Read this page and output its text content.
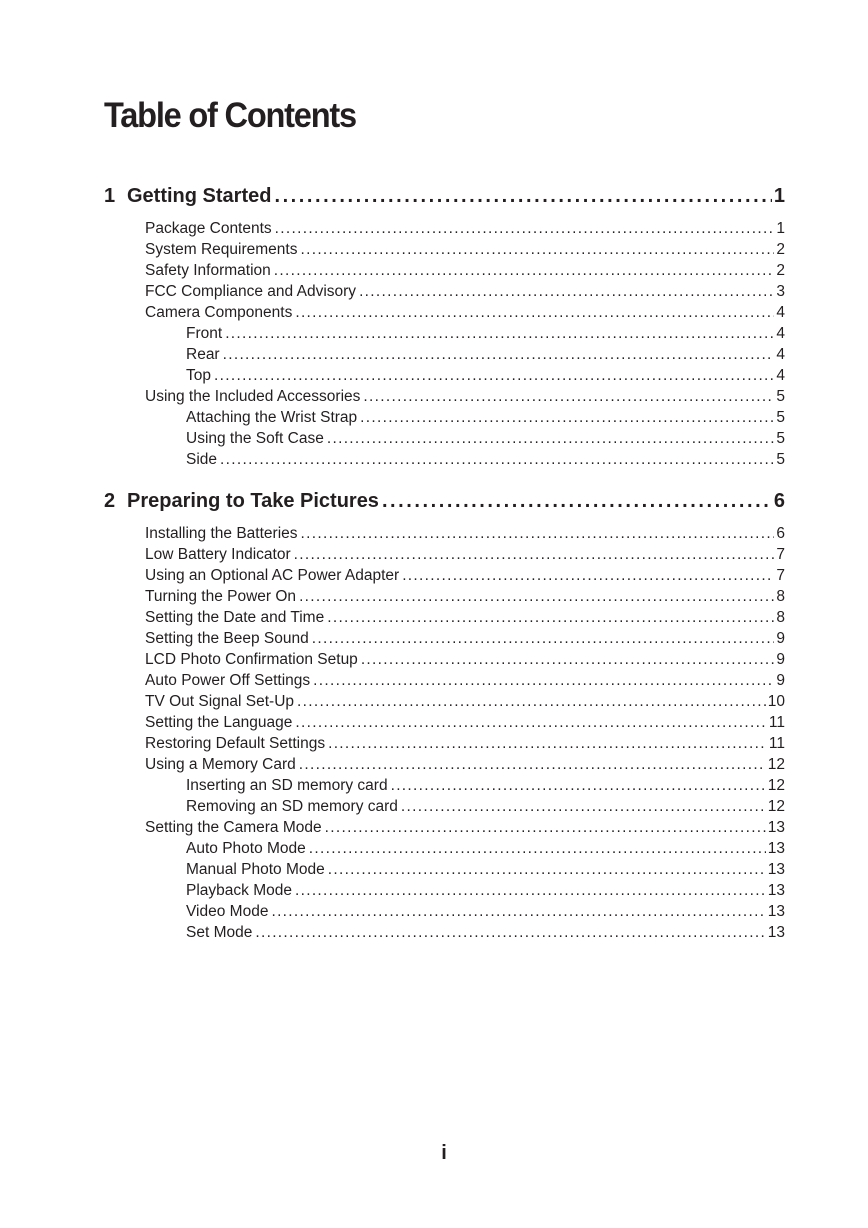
Table of Contents
1 Getting Started . . .	1
Package Contents . . .	1
System Requirements . . .	2
Safety Information . . .	2
FCC Compliance and Advisory . . .	3
Camera Components . . .	4
Front . . .	4
Rear . . .	4
Top . . .	4
Using the Included Accessories . . .	5
Attaching the Wrist Strap . . .	5
Using the Soft Case . . .	5
Side . . .	5
2 Preparing to Take Pictures . . .	6
Installing the Batteries . . .	6
Low Battery Indicator . . .	7
Using an Optional AC Power Adapter . . .	7
Turning the Power On . . .	8
Setting the Date and Time . . .	8
Setting the Beep Sound . . .	9
LCD Photo Confirmation Setup . . .	9
Auto Power Off Settings . . .	9
TV Out Signal Set-Up . . .	10
Setting the Language . . .	11
Restoring Default Settings . . .	11
Using a Memory Card . . .	12
Inserting an SD memory card . . .	12
Removing an SD memory card . . .	12
Setting the Camera Mode . . .	13
Auto Photo Mode . . .	13
Manual Photo Mode . . .	13
Playback Mode . . .	13
Video Mode . . .	13
Set Mode . . .	13
i
